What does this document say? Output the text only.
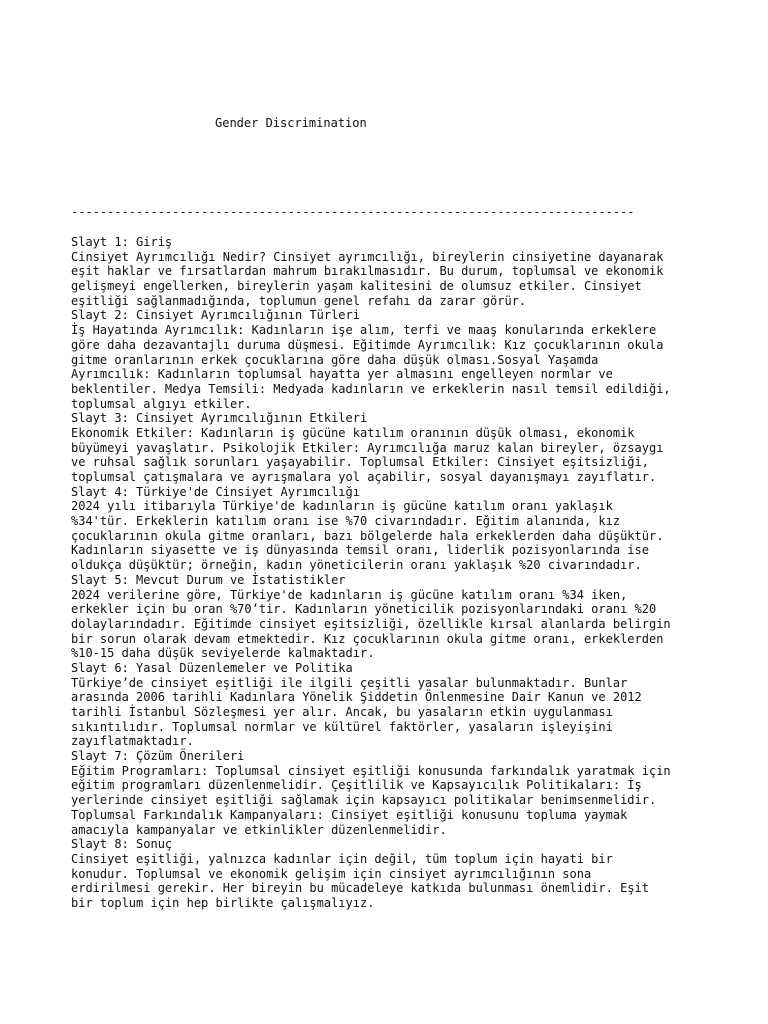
Gender Discrimination
------------------------------------------------------------------------------
Slayt 1: Giriş
Cinsiyet Ayrımcılığı Nedir? Cinsiyet ayrımcılığı, bireylerin cinsiyetine dayanarak
eşit haklar ve fırsatlardan mahrum bırakılmasıdır. Bu durum, toplumsal ve ekonomik
gelişmeyi engellerken, bireylerin yaşam kalitesini de olumsuz etkiler. Cinsiyet
eşitliği sağlanmadığında, toplumun genel refahı da zarar görür.
Slayt 2: Cinsiyet Ayrımcılığının Türleri
İş Hayatında Ayrımcılık: Kadınların işe alım, terfi ve maaş konularında erkeklere
göre daha dezavantajlı duruma düşmesi. Eğitimde Ayrımcılık: Kız çocuklarının okula
gitme oranlarının erkek çocuklarına göre daha düşük olması.Sosyal Yaşamda
Ayrımcılık: Kadınların toplumsal hayatta yer almasını engelleyen normlar ve
beklentiler. Medya Temsili: Medyada kadınların ve erkeklerin nasıl temsil edildiği,
toplumsal algıyı etkiler.
Slayt 3: Cinsiyet Ayrımcılığının Etkileri
Ekonomik Etkiler: Kadınların iş gücüne katılım oranının düşük olması, ekonomik
büyümeyi yavaşlatır. Psikolojik Etkiler: Ayrımcılığa maruz kalan bireyler, özsaygı
ve ruhsal sağlık sorunları yaşayabilir. Toplumsal Etkiler: Cinsiyet eşitsizliği,
toplumsal çatışmalara ve ayrışmalara yol açabilir, sosyal dayanışmayı zayıflatır.
Slayt 4: Türkiye'de Cinsiyet Ayrımcılığı
2024 yılı itibarıyla Türkiye'de kadınların iş gücüne katılım oranı yaklaşık
%34'tür. Erkeklerin katılım oranı ise %70 civarındadır. Eğitim alanında, kız
çocuklarının okula gitme oranları, bazı bölgelerde hala erkeklerden daha düşüktür.
Kadınların siyasette ve iş dünyasında temsil oranı, liderlik pozisyonlarında ise
oldukça düşüktür; örneğin, kadın yöneticilerin oranı yaklaşık %20 civarındadır.
Slayt 5: Mevcut Durum ve İstatistikler
2024 verilerine göre, Türkiye'de kadınların iş gücüne katılım oranı %34 iken,
erkekler için bu oran %70’tir. Kadınların yöneticilik pozisyonlarındaki oranı %20
dolaylarındadır. Eğitimde cinsiyet eşitsizliği, özellikle kırsal alanlarda belirgin
bir sorun olarak devam etmektedir. Kız çocuklarının okula gitme oranı, erkeklerden
%10-15 daha düşük seviyelerde kalmaktadır.
Slayt 6: Yasal Düzenlemeler ve Politika
Türkiye’de cinsiyet eşitliği ile ilgili çeşitli yasalar bulunmaktadır. Bunlar
arasında 2006 tarihli Kadınlara Yönelik Şiddetin Önlenmesine Dair Kanun ve 2012
tarihli İstanbul Sözleşmesi yer alır. Ancak, bu yasaların etkin uygulanması
sıkıntılıdır. Toplumsal normlar ve kültürel faktörler, yasaların işleyişini
zayıflatmaktadır.
Slayt 7: Çözüm Önerileri
Eğitim Programları: Toplumsal cinsiyet eşitliği konusunda farkındalık yaratmak için
eğitim programları düzenlenmelidir. Çeşitlilik ve Kapsayıcılık Politikaları: İş
yerlerinde cinsiyet eşitliği sağlamak için kapsayıcı politikalar benimsenmelidir.
Toplumsal Farkındalık Kampanyaları: Cinsiyet eşitliği konusunu topluma yaymak
amacıyla kampanyalar ve etkinlikler düzenlenmelidir.
Slayt 8: Sonuç
Cinsiyet eşitliği, yalnızca kadınlar için değil, tüm toplum için hayati bir
konudur. Toplumsal ve ekonomik gelişim için cinsiyet ayrımcılığının sona
erdirilmesi gerekir. Her bireyin bu mücadeleye katkıda bulunması önemlidir. Eşit
bir toplum için hep birlikte çalışmalıyız.
